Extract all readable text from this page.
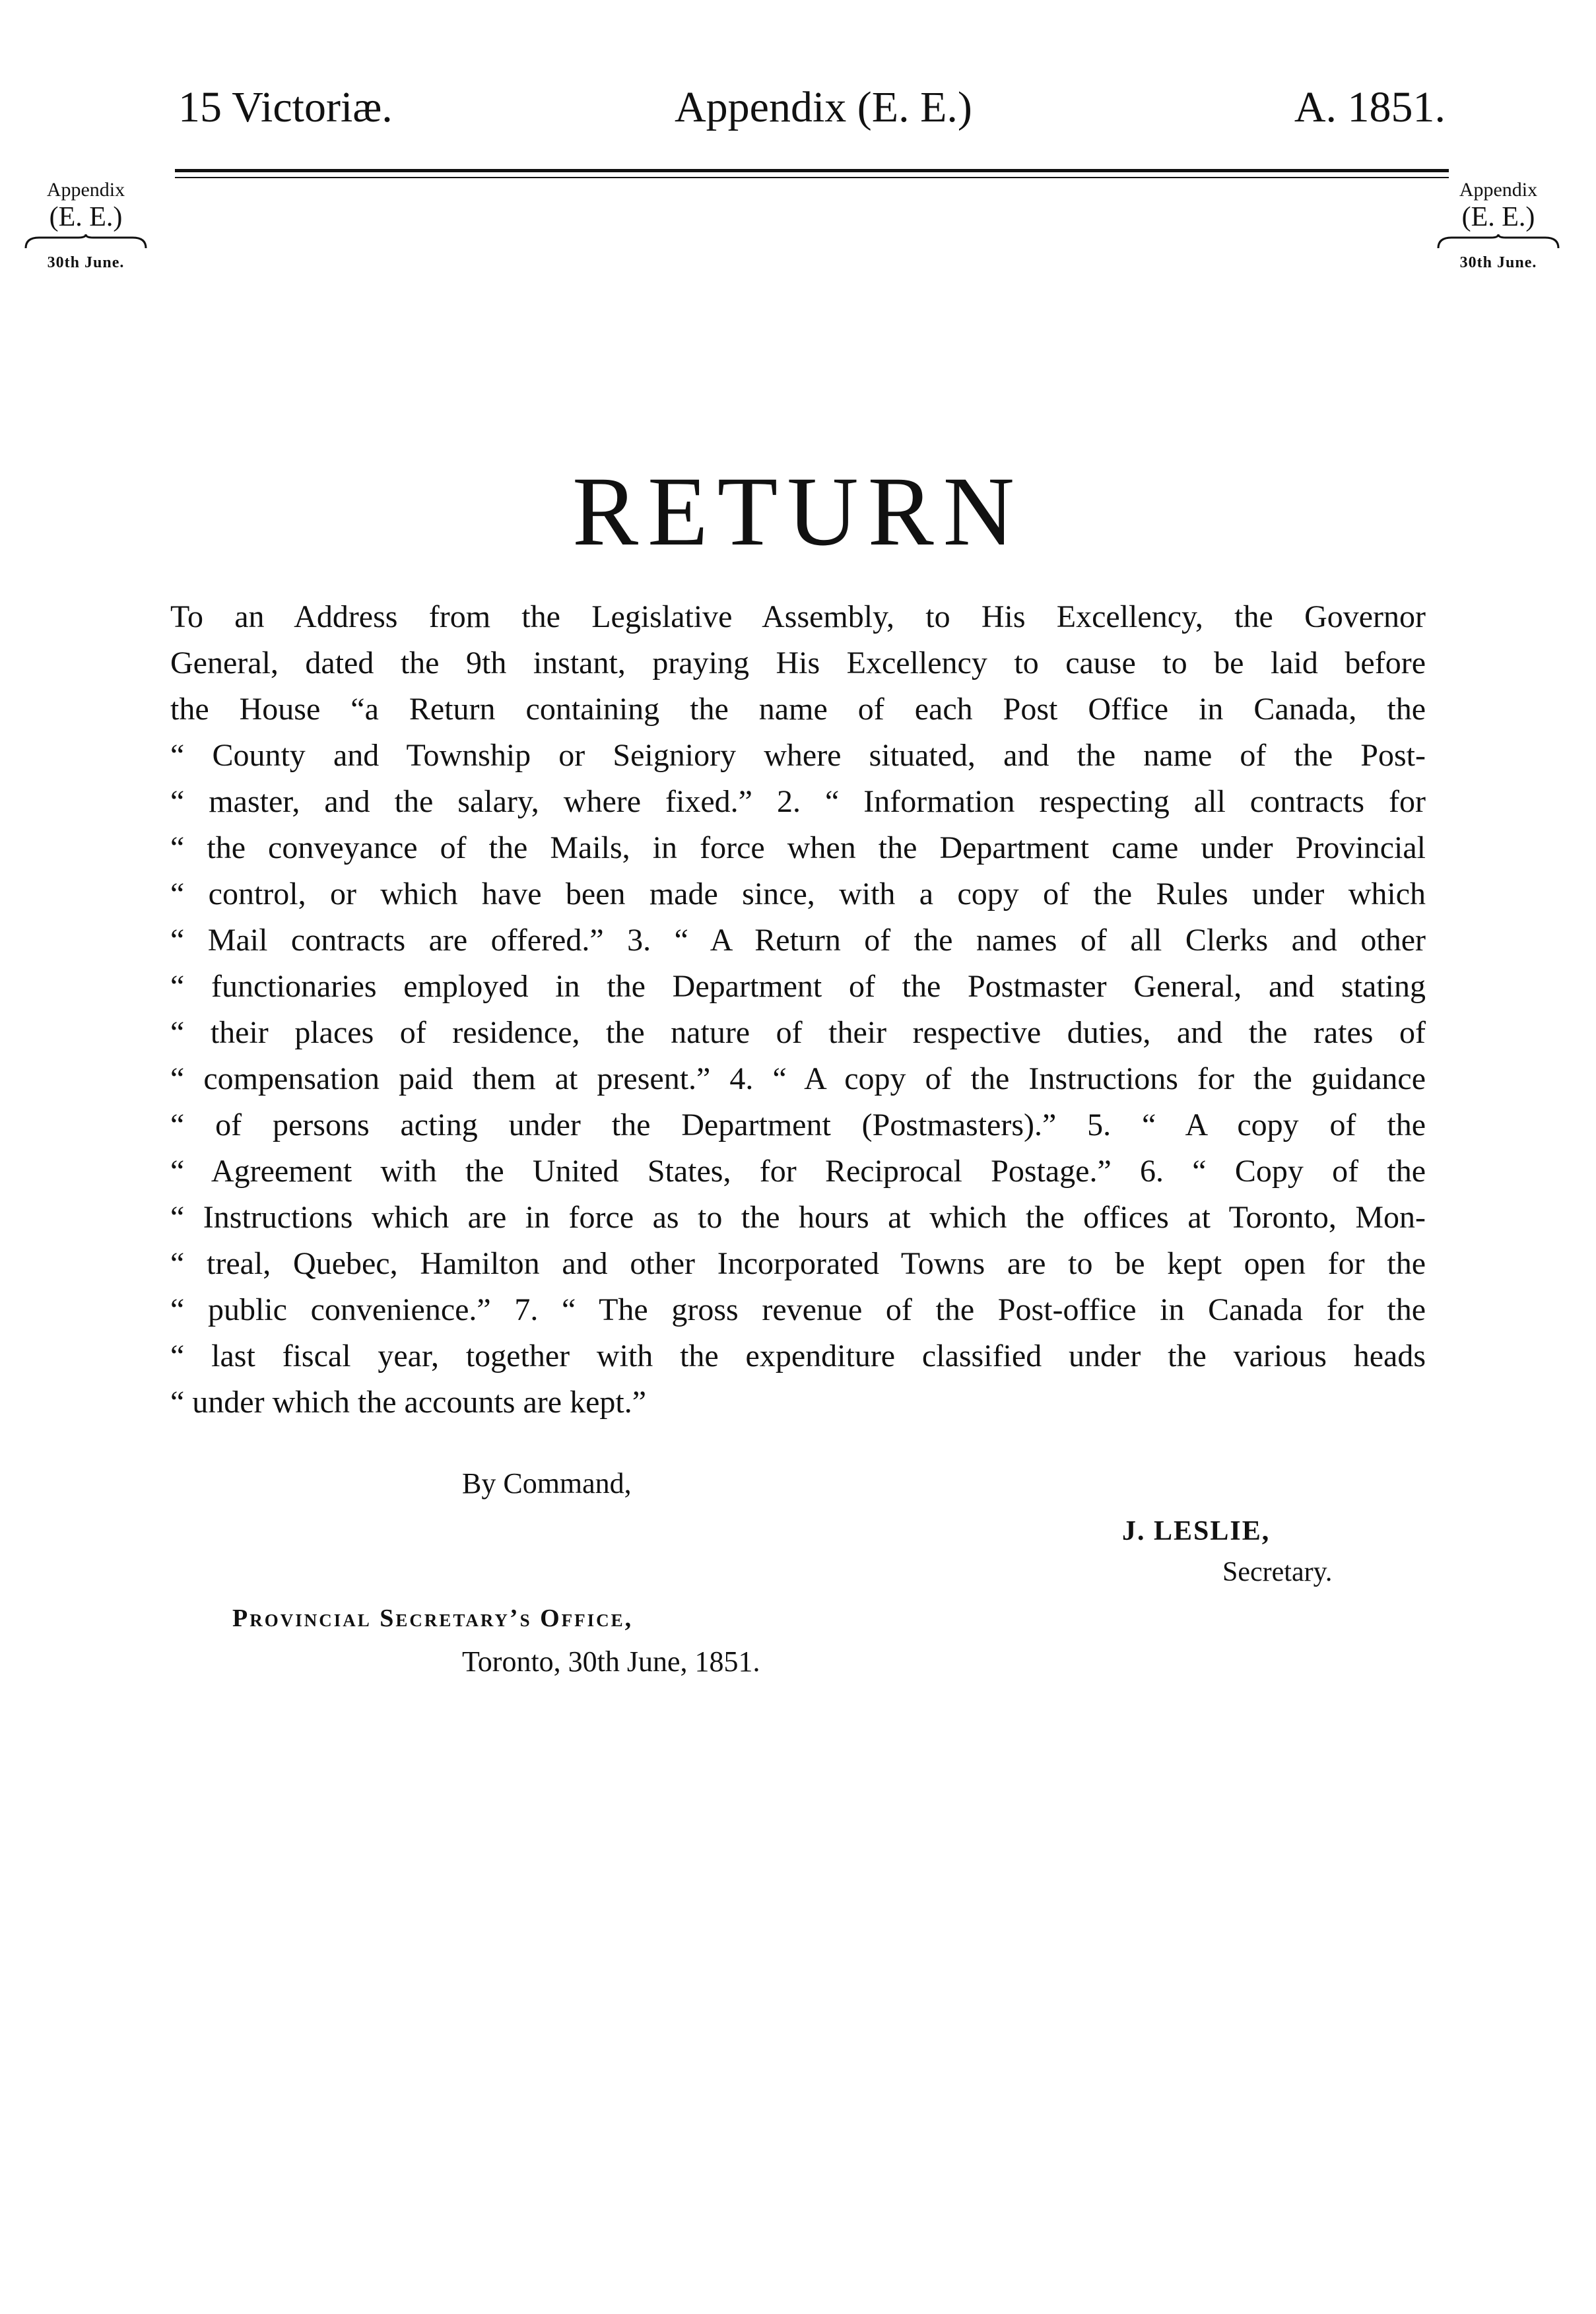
15 Victoriæ.	Appendix (E. E.)	A. 1851.
Appendix
(E. E.)
30th June.
Appendix
(E. E.)
30th June.
RETURN
To an Address from the Legislative Assembly, to His Excellency, the Governor
General, dated the 9th instant, praying His Excellency to cause to be laid before
the House “a Return containing the name of each Post Office in Canada, the
“ County and Township or Seigniory where situated, and the name of the Post-
“ master, and the salary, where fixed.” 2. “ Information respecting all contracts for
“ the conveyance of the Mails, in force when the Department came under Provincial
“ control, or which have been made since, with a copy of the Rules under which
“ Mail contracts are offered.” 3. “ A Return of the names of all Clerks and other
“ functionaries employed in the Department of the Postmaster General, and stating
“ their places of residence, the nature of their respective duties, and the rates of
“ compensation paid them at present.” 4. “ A copy of the Instructions for the guidance
“ of persons acting under the Department (Postmasters).” 5. “ A copy of the
“ Agreement with the United States, for Reciprocal Postage.” 6. “ Copy of the
“ Instructions which are in force as to the hours at which the offices at Toronto, Mon-
“ treal, Quebec, Hamilton and other Incorporated Towns are to be kept open for the
“ public convenience.” 7. “ The gross revenue of the Post-office in Canada for the
“ last fiscal year, together with the expenditure classified under the various heads
“ under which the accounts are kept.”
By Command,
J. LESLIE,
Secretary.
Provincial Secretary’s Office,
Toronto, 30th June, 1851.
